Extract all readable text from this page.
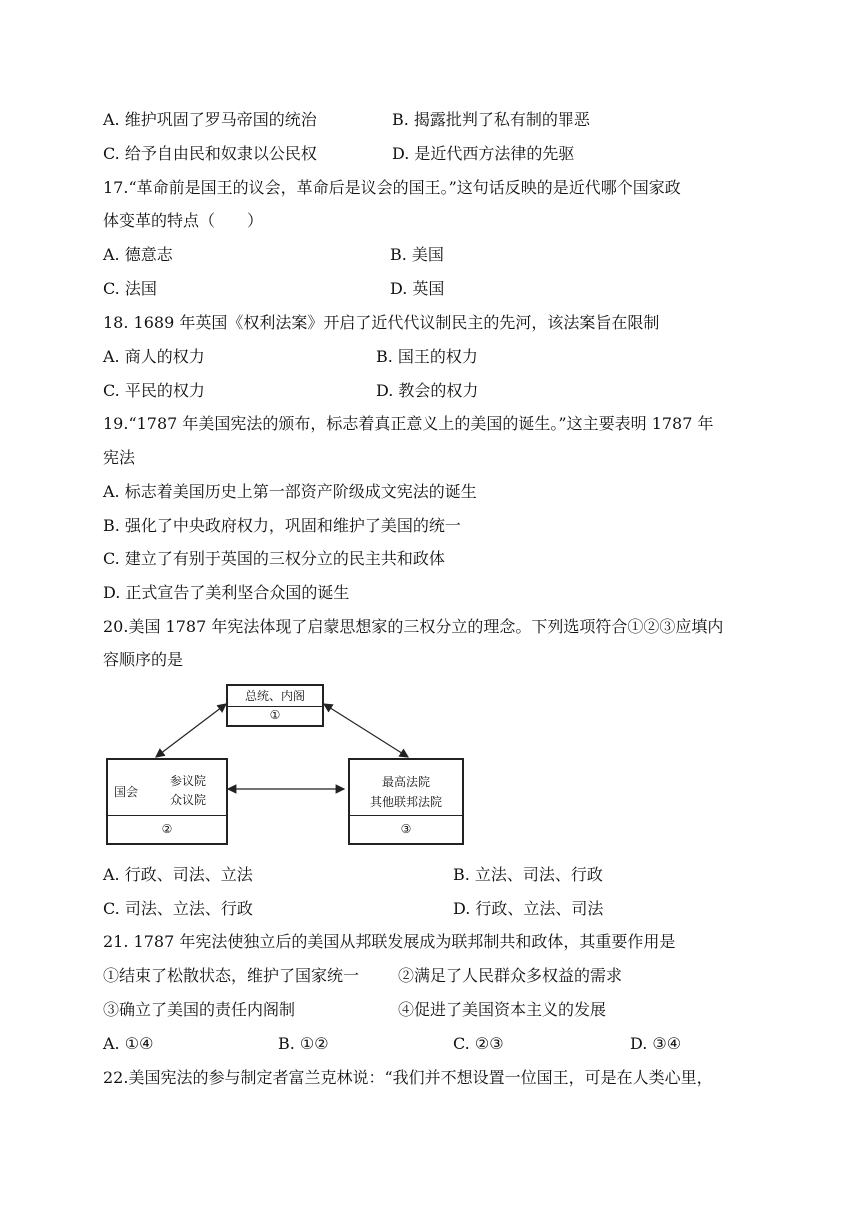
A. 维护巩固了罗马帝国的统治	B. 揭露批判了私有制的罪恶
C. 给予自由民和奴隶以公民权	D. 是近代西方法律的先驱
17.“革命前是国王的议会，革命后是议会的国王。”这句话反映的是近代哪个国家政
体变革的特点（　　）
A. 德意志	B. 美国
C. 法国	D. 英国
18. 1689 年英国《权利法案》开启了近代代议制民主的先河，该法案旨在限制
A. 商人的权力	B. 国王的权力
C. 平民的权力	D. 教会的权力
19.“1787 年美国宪法的颁布，标志着真正意义上的美国的诞生。”这主要表明 1787 年
宪法
A. 标志着美国历史上第一部资产阶级成文宪法的诞生
B. 强化了中央政府权力，巩固和维护了美国的统一
C. 建立了有别于英国的三权分立的民主共和政体
D. 正式宣告了美利坚合众国的诞生
20.美国 1787 年宪法体现了启蒙思想家的三权分立的理念。下列选项符合①②③应填内
容顺序的是
总统、内阁
①
②
国会
参议院
众议院
最高法院
其他联邦法院
③
A. 行政、司法、立法	B. 立法、司法、行政
C. 司法、立法、行政	D. 行政、立法、司法
21. 1787 年宪法使独立后的美国从邦联发展成为联邦制共和政体，其重要作用是
①结束了松散状态，维护了国家统一 ②满足了人民群众多权益的需求
③确立了美国的责任内阁制	④促进了美国资本主义的发展
A. ①④	B. ①②	C. ②③	D. ③④
22.美国宪法的参与制定者富兰克林说：“我们并不想设置一位国王，可是在人类心里，
